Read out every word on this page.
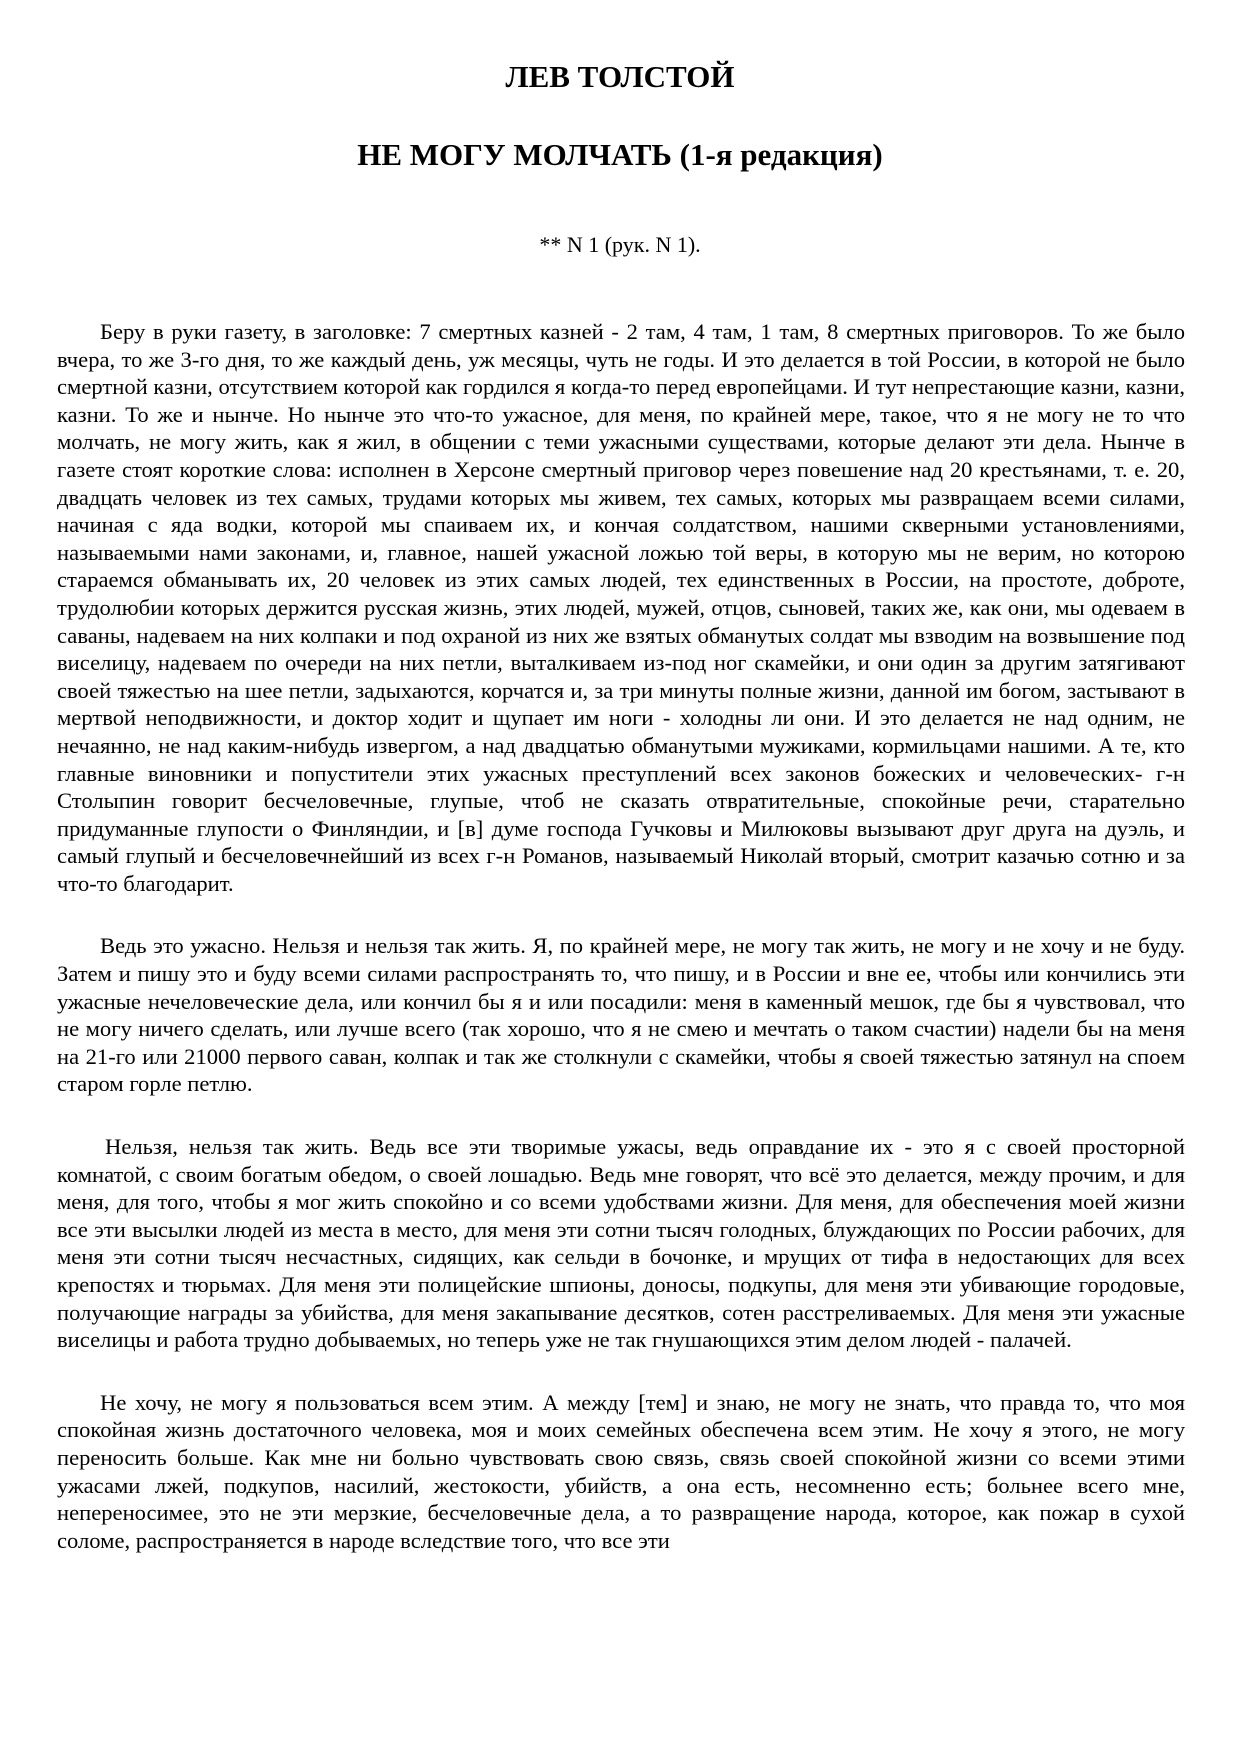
ЛЕВ ТОЛСТОЙ
НЕ МОГУ МОЛЧАТЬ (1-я редакция)

** N 1 (рук. N 1).

Беру в руки газету, в заголовке: 7 смертных казней - 2 там, 4 там, 1 там, 8 смертных приговоров. То же было вчера, то же 3-го дня, то же каждый день, уж месяцы, чуть не годы. И это делается в той России, в которой не было смертной казни, отсутствием которой как гордился я когда-то перед европейцами. И тут непрестающие казни, казни, казни. То же и нынче. Но нынче это что-то ужасное, для меня, по крайней мере, такое, что я не могу не то что молчать, не могу жить, как я жил, в общении с теми ужасными существами, которые делают эти дела. Нынче в газете стоят короткие слова: исполнен в Херсоне смертный приговор через повешение над 20 крестьянами, т. е. 20, двадцать человек из тех самых, трудами которых мы живем, тех самых, которых мы развращаем всеми силами, начиная с яда водки, которой мы спаиваем их, и кончая солдатством, нашими скверными установлениями, называемыми нами законами, и, главное, нашей ужасной ложью той веры, в которую мы не верим, но которою стараемся обманывать их, 20 человек из этих самых людей, тех единственных в России, на простоте, доброте, трудолюбии которых держится русская жизнь, этих людей, мужей, отцов, сыновей, таких же, как они, мы одеваем в саваны, надеваем на них колпаки и под охраной из них же взятых обманутых солдат мы взводим на возвышение под виселицу, надеваем по очереди на них петли, выталкиваем из-под ног скамейки, и они один за другим затягивают своей тяжестью на шее петли, задыхаются, корчатся и, за три минуты полные жизни, данной им богом, застывают в мертвой неподвижности, и доктор ходит и щупает им ноги - холодны ли они. И это делается не над одним, не нечаянно, не над каким-нибудь извергом, а над двадцатью обманутыми мужиками, кормильцами нашими. А те, кто главные виновники и попустители этих ужасных преступлений всех законов божеских и человеческих- г-н Столыпин говорит бесчеловечные, глупые, чтоб не сказать отвратительные, спокойные речи, старательно придуманные глупости о Финляндии, и [в] думе господа Гучковы и Милюковы вызывают друг друга на дуэль, и самый глупый и бесчеловечнейший из всех г-н Романов, называемый Николай вторый, смотрит казачью сотню и за что-то благодарит.

Ведь это ужасно. Нельзя и нельзя так жить. Я, по крайней мере, не могу так жить, не могу и не хочу и не буду. Затем и пишу это и буду всеми силами распространять то, что пишу, и в России и вне ее, чтобы или кончились эти ужасные нечеловеческие дела, или кончил бы я и или посадили: меня в каменный мешок, где бы я чувствовал, что не могу ничего сделать, или лучше всего (так хорошо, что я не смею и мечтать о таком счастии) надели бы на меня на 21-го или 21000 первого саван, колпак и так же столкнули с скамейки, чтобы я своей тяжестью затянул на споем старом горле петлю.

Нельзя, нельзя так жить. Ведь все эти творимые ужасы, ведь оправдание их - это я с своей просторной комнатой, с своим богатым обедом, о своей лошадью. Ведь мне говорят, что всё это делается, между прочим, и для меня, для того, чтобы я мог жить спокойно и со всеми удобствами жизни. Для меня, для обеспечения моей жизни все эти высылки людей из места в место, для меня эти сотни тысяч голодных, блуждающих по России рабочих, для меня эти сотни тысяч несчастных, сидящих, как сельди в бочонке, и мрущих от тифа в недостающих для всех крепостях и тюрьмах. Для меня эти полицейские шпионы, доносы, подкупы, для меня эти убивающие городовые, получающие награды за убийства, для меня закапывание десятков, сотен расстреливаемых. Для меня эти ужасные виселицы и работа трудно добываемых, но теперь уже не так гнушающихся этим делом людей - палачей.

Не хочу, не могу я пользоваться всем этим. А между [тем] и знаю, не могу не знать, что правда то, что моя спокойная жизнь достаточного человека, моя и моих семейных обеспечена всем этим. Не хочу я этого, не могу переносить больше. Как мне ни больно чувствовать свою связь, связь своей спокойной жизни со всеми этими ужасами лжей, подкупов, насилий, жестокости, убийств, а она есть, несомненно есть; больнее всего мне, непереносимее, это не эти мерзкие, бесчеловечные дела, а то развращение народа, которое, как пожар в сухой соломе, распространяется в народе вследствие того, что все эти
